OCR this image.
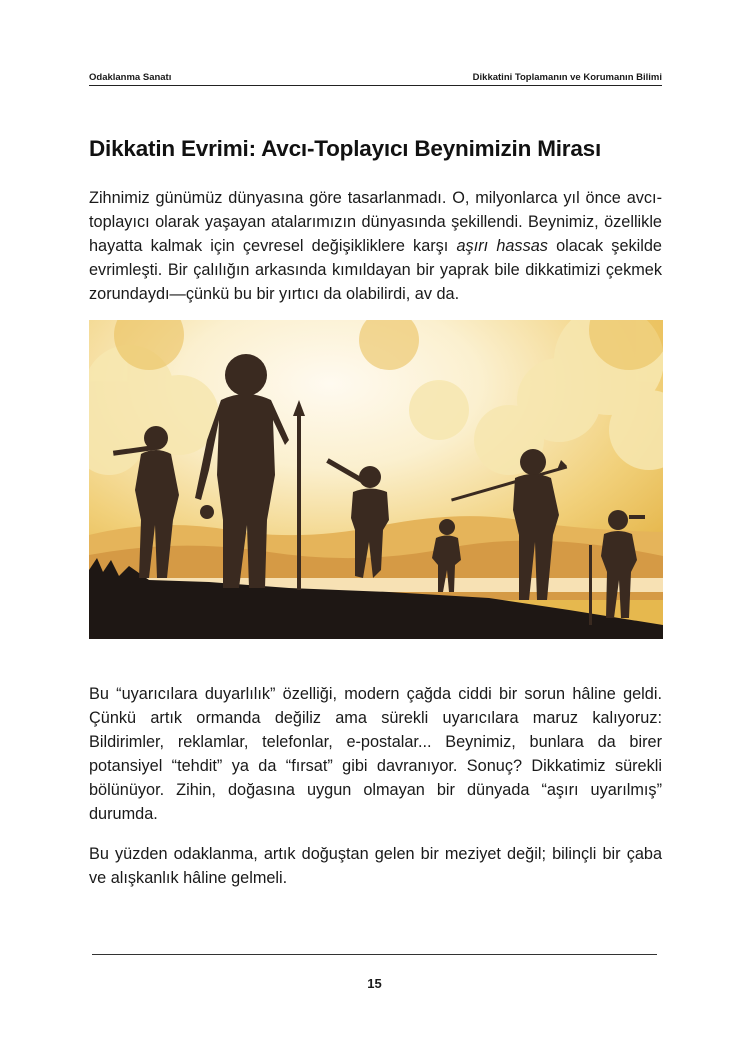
Odaklanma Sanatı	Dikkatini Toplamanın ve Korumanın Bilimi
Dikkatin Evrimi: Avcı-Toplayıcı Beynimizin Mirası

Zihnimiz günümüz dünyasına göre tasarlanmadı. O, milyonlarca yıl önce avcı-toplayıcı olarak yaşayan atalarımızın dünyasında şekillendi. Beynimiz, özellikle hayatta kalmak için çevresel değişikliklere karşı aşırı hassas olacak şekilde evrimleşti. Bir çalılığın arkasında kımıldayan bir yaprak bile dikkatimizi çekmek zorundaydı—çünkü bu bir yırtıcı da olabilirdi, av da.

Bu “uyarıcılara duyarlılık” özelliği, modern çağda ciddi bir sorun hâline geldi. Çünkü artık ormanda değiliz ama sürekli uyarıcılara maruz kalıyoruz: Bildirimler, reklamlar, telefonlar, e-postalar... Beynimiz, bunlara da birer potansiyel “tehdit” ya da “fırsat” gibi davranıyor. Sonuç? Dikkatimiz sürekli bölünüyor. Zihin, doğasına uygun olmayan bir dünyada “aşırı uyarılmış” durumda.

Bu yüzden odaklanma, artık doğuştan gelen bir meziyet değil; bilinçli bir çaba ve alışkanlık hâline gelmeli.

15
